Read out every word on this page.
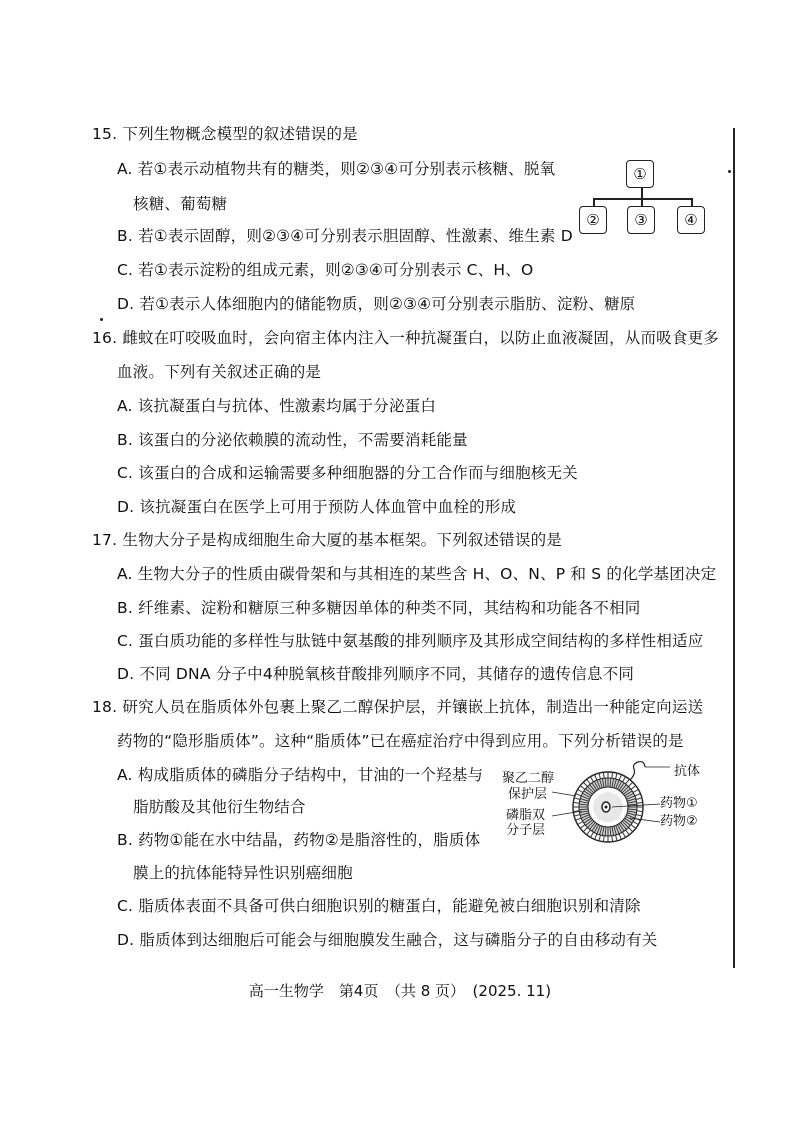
15. 下列生物概念模型的叙述错误的是
A. 若①表示动植物共有的糖类，则②③④可分别表示核糖、脱氧
核糖、葡萄糖
B. 若①表示固醇，则②③④可分别表示胆固醇、性激素、维生素 D
C. 若①表示淀粉的组成元素，则②③④可分别表示 C、H、O
D. 若①表示人体细胞内的储能物质，则②③④可分别表示脂肪、淀粉、糖原
①
②	③	④
16. 雌蚊在叮咬吸血时，会向宿主体内注入一种抗凝蛋白，以防止血液凝固，从而吸食更多
血液。下列有关叙述正确的是
A. 该抗凝蛋白与抗体、性激素均属于分泌蛋白
B. 该蛋白的分泌依赖膜的流动性，不需要消耗能量
C. 该蛋白的合成和运输需要多种细胞器的分工合作而与细胞核无关
D. 该抗凝蛋白在医学上可用于预防人体血管中血栓的形成
17. 生物大分子是构成细胞生命大厦的基本框架。下列叙述错误的是
A. 生物大分子的性质由碳骨架和与其相连的某些含 H、O、N、P 和 S 的化学基团决定
B. 纤维素、淀粉和糖原三种多糖因单体的种类不同，其结构和功能各不相同
C. 蛋白质功能的多样性与肽链中氨基酸的排列顺序及其形成空间结构的多样性相适应
D. 不同 DNA 分子中4种脱氧核苷酸排列顺序不同，其储存的遗传信息不同
18. 研究人员在脂质体外包裹上聚乙二醇保护层，并镶嵌上抗体，制造出一种能定向运送
药物的“隐形脂质体”。这种“脂质体”已在癌症治疗中得到应用。下列分析错误的是
A. 构成脂质体的磷脂分子结构中，甘油的一个羟基与
脂肪酸及其他衍生物结合
B. 药物①能在水中结晶，药物②是脂溶性的，脂质体
膜上的抗体能特异性识别癌细胞
C. 脂质体表面不具备可供白细胞识别的糖蛋白，能避免被白细胞识别和清除
D. 脂质体到达细胞后可能会与细胞膜发生融合，这与磷脂分子的自由移动有关
聚乙二醇
保护层
磷脂双
分子层
抗体
药物①
药物②
高一生物学　第4页　（共 8 页）　(2025. 11)
